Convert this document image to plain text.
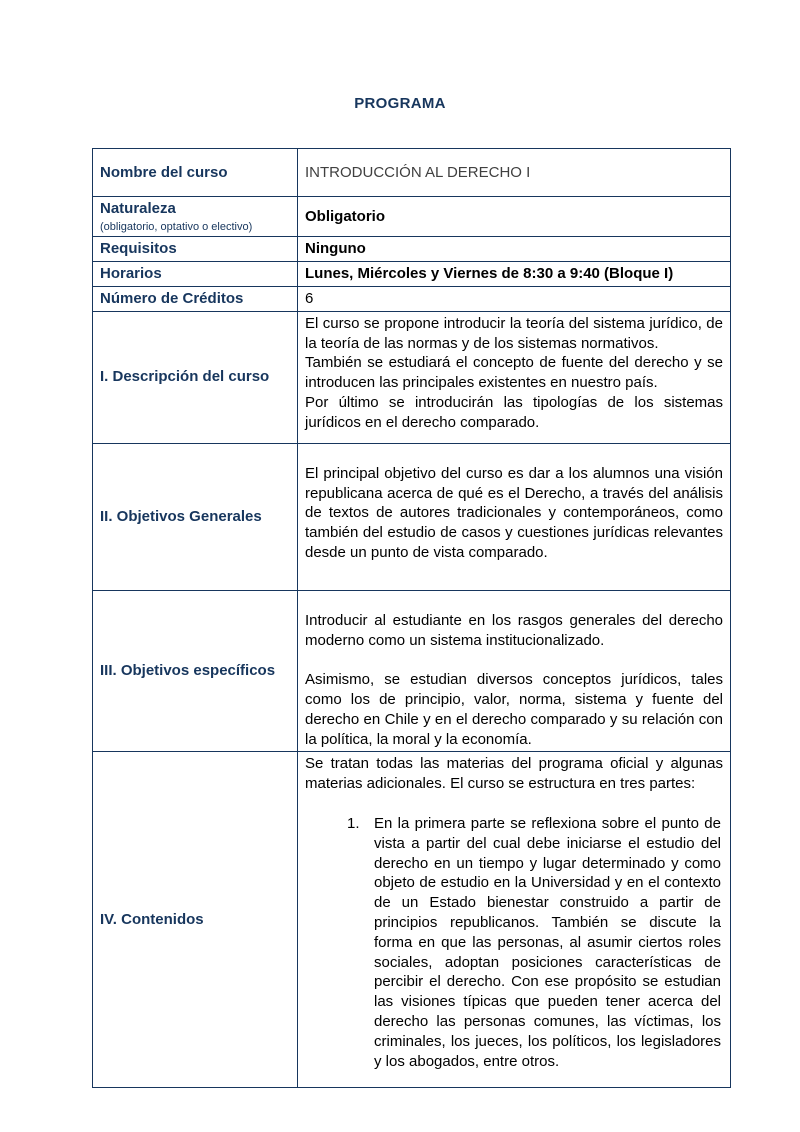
PROGRAMA
Nombre del curso	INTRODUCCIÓN AL DERECHO I
Naturaleza
(obligatorio, optativo o electivo)	Obligatorio
Requisitos	Ninguno
Horarios	Lunes, Miércoles y Viernes de 8:30 a 9:40 (Bloque I)
Número de Créditos	6
I. Descripción del curso	El curso se propone introducir la teoría del sistema jurídico, de la teoría de las normas y de los sistemas normativos.

También se estudiará el concepto de fuente del derecho y se introducen las principales existentes en nuestro país.

Por último se introducirán las tipologías de los sistemas jurídicos en el derecho comparado.

II. Objetivos Generales	El principal objetivo del curso es dar a los alumnos una visión republicana acerca de qué es el Derecho, a través del análisis de textos de autores tradicionales y contemporáneos, como también del estudio de casos y cuestiones jurídicas relevantes desde un punto de vista comparado.

III. Objetivos específicos	Introducir al estudiante en los rasgos generales del derecho moderno como un sistema institucionalizado.

Asimismo, se estudian diversos conceptos jurídicos, tales como los de principio, valor, norma, sistema y fuente del derecho en Chile y en el derecho comparado y su relación con la política, la moral y la economía.

IV. Contenidos	Se tratan todas las materias del programa oficial y algunas materias adicionales. El curso se estructura en tres partes:

1. En la primera parte se reflexiona sobre el punto de vista a partir del cual debe iniciarse el estudio del derecho en un tiempo y lugar determinado y como objeto de estudio en la Universidad y en el contexto de un Estado bienestar construido a partir de principios republicanos. También se discute la forma en que las personas, al asumir ciertos roles sociales, adoptan posiciones características de percibir el derecho. Con ese propósito se estudian las visiones típicas que pueden tener acerca del derecho las personas comunes, las víctimas, los criminales, los jueces, los políticos, los legisladores y los abogados, entre otros.
